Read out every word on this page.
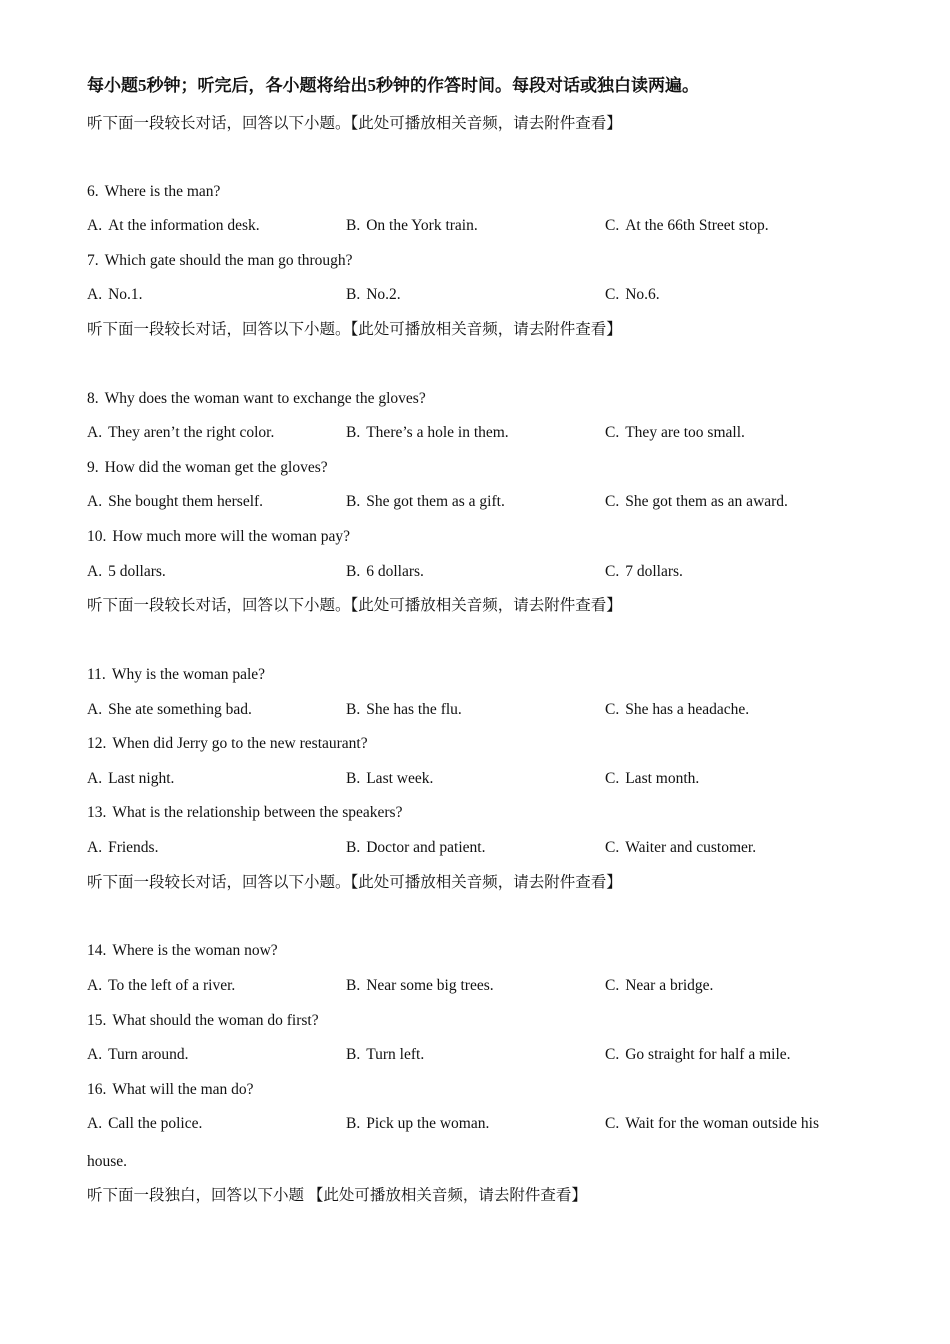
每小题5秒钟；听完后，各小题将给出5秒钟的作答时间。每段对话或独白读两遍。
听下面一段较长对话，回答以下小题。【此处可播放相关音频，请去附件查看】
6. Where is the man?
A. At the information desk.	B. On the York train.	C. At the 66th Street stop.
7. Which gate should the man go through?
A. No.1.	B. No.2.	C. No.6.
听下面一段较长对话，回答以下小题。【此处可播放相关音频，请去附件查看】
8. Why does the woman want to exchange the gloves?
A. They aren’t the right color.	B. There’s a hole in them.	C. They are too small.
9. How did the woman get the gloves?
A. She bought them herself.	B. She got them as a gift.	C. She got them as an award.
10. How much more will the woman pay?
A. 5 dollars.	B. 6 dollars.	C. 7 dollars.
听下面一段较长对话，回答以下小题。【此处可播放相关音频，请去附件查看】
11. Why is the woman pale?
A. She ate something bad.	B. She has the flu.	C. She has a headache.
12. When did Jerry go to the new restaurant?
A. Last night.	B. Last week.	C. Last month.
13. What is the relationship between the speakers?
A. Friends.	B. Doctor and patient.	C. Waiter and customer.
听下面一段较长对话，回答以下小题。【此处可播放相关音频，请去附件查看】
14. Where is the woman now?
A. To the left of a river.	B. Near some big trees.	C. Near a bridge.
15. What should the woman do first?
A. Turn around.	B. Turn left.	C. Go straight for half a mile.
16. What will the man do?
A. Call the police.	B. Pick up the woman.	C. Wait for the woman outside his
house.
听下面一段独白，回答以下小题 【此处可播放相关音频，请去附件查看】
